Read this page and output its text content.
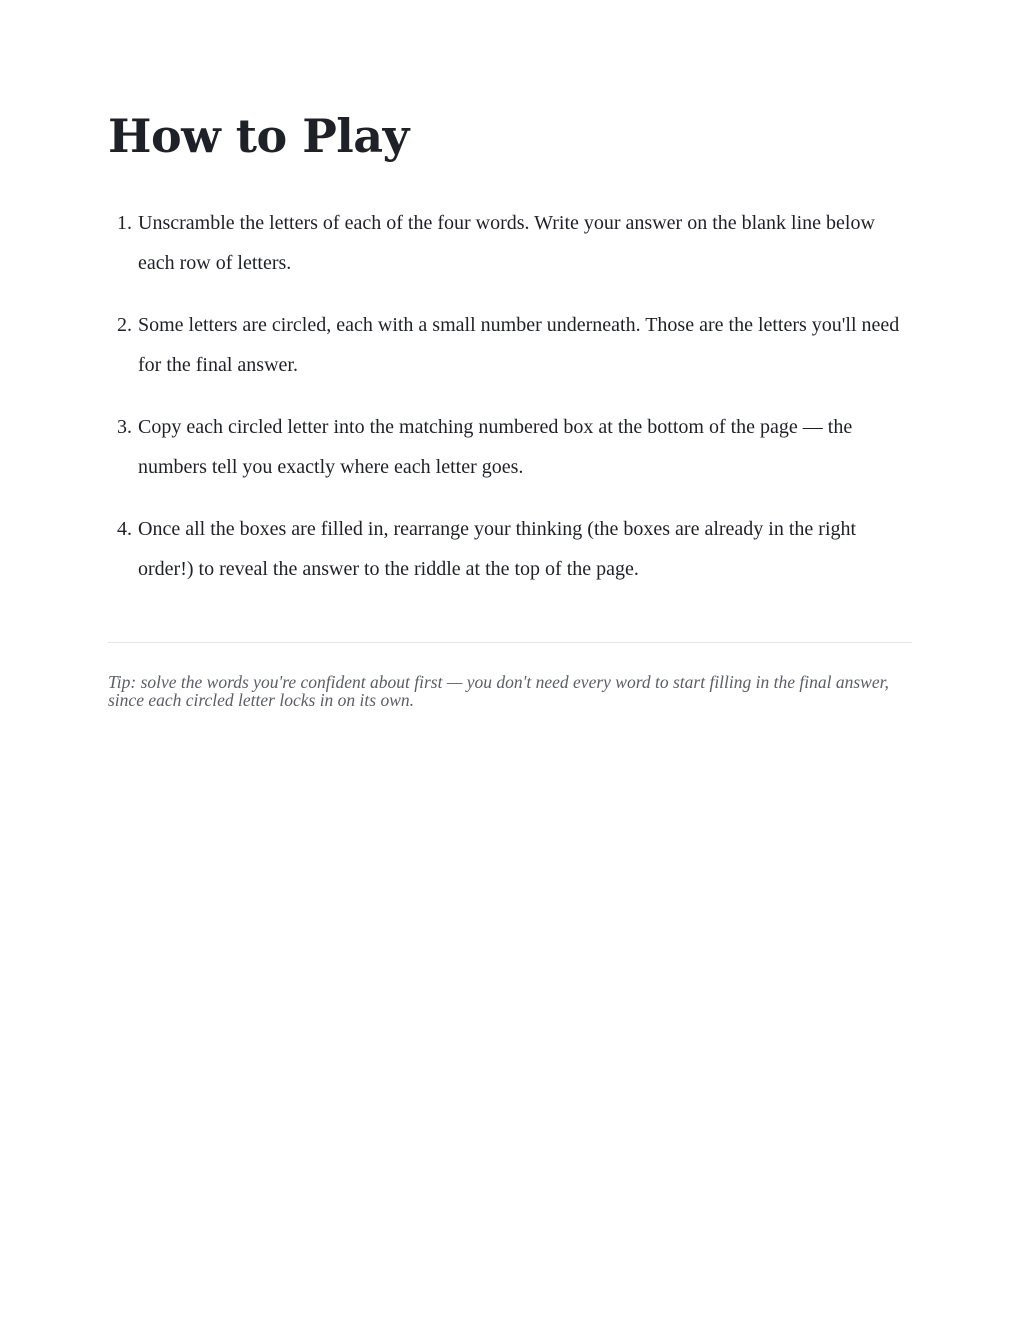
How to Play
1. Unscramble the letters of each of the four words. Write your answer on the blank line below each row of letters.
2. Some letters are circled, each with a small number underneath. Those are the letters you'll need for the final answer.
3. Copy each circled letter into the matching numbered box at the bottom of the page — the numbers tell you exactly where each letter goes.
4. Once all the boxes are filled in, rearrange your thinking (the boxes are already in the right order!) to reveal the answer to the riddle at the top of the page.

Tip: solve the words you're confident about first — you don't need every word to start filling in the final answer, since each circled letter locks in on its own.
